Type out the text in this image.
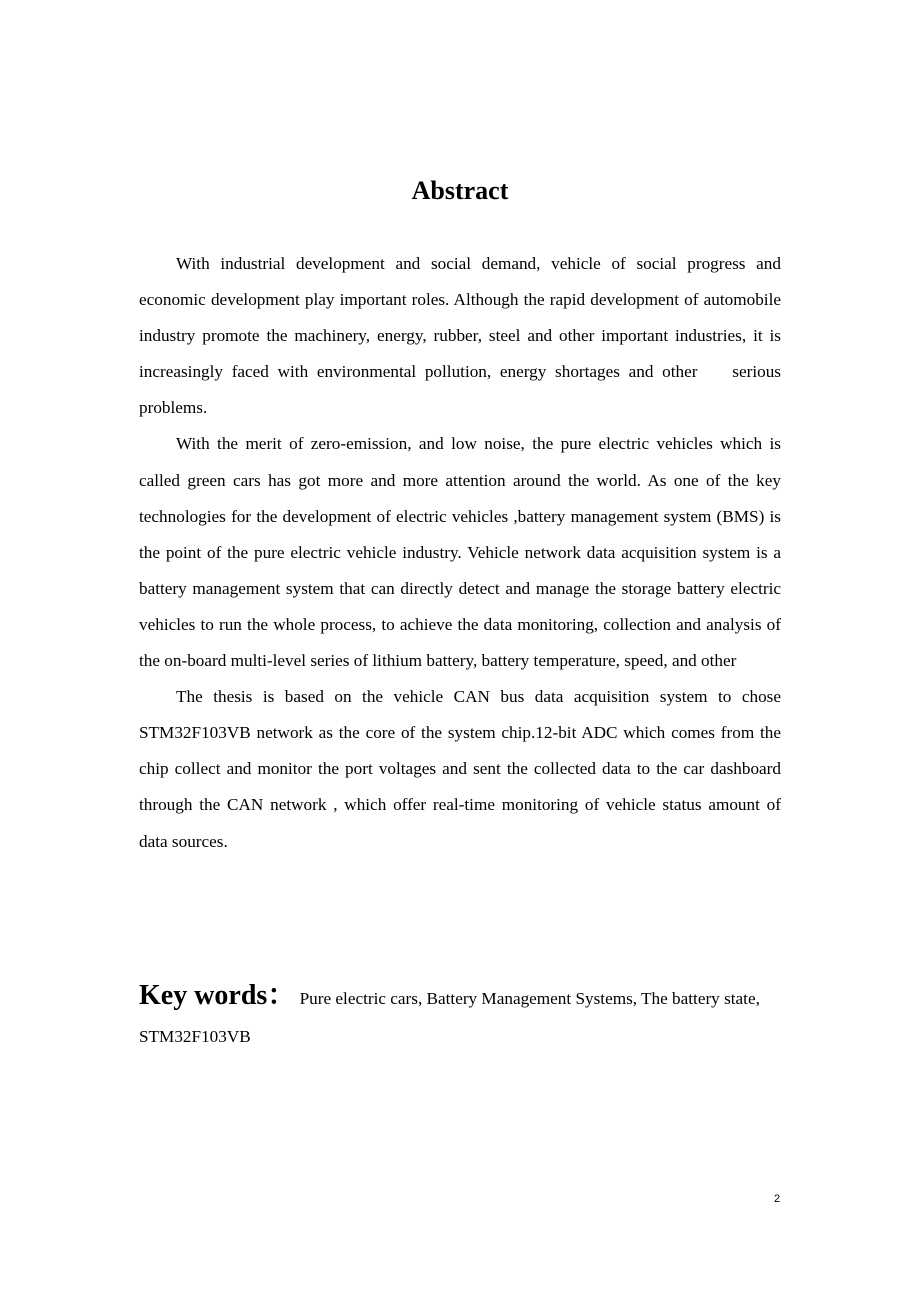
Abstract

With industrial development and social demand, vehicle of social progress and economic development play important roles. Although the rapid development of automobile industry promote the machinery, energy, rubber, steel and other important industries, it is increasingly faced with environmental pollution, energy shortages and other    serious problems.

With the merit of zero-emission, and low noise, the pure electric vehicles which is called green cars has got more and more attention around the world. As one of the key technologies for the development of electric vehicles ,battery management system (BMS) is the point of the pure electric vehicle industry. Vehicle network data acquisition system is a battery management system that can directly detect and manage the storage battery electric vehicles to run the whole process, to achieve the data monitoring, collection and analysis of the on-board multi-level series of lithium battery, battery temperature, speed, and other

The thesis is based on the vehicle CAN bus data acquisition system to chose STM32F103VB network as the core of the system chip.12-bit ADC which comes from the chip collect and monitor the port voltages and sent the collected data to the car dashboard through the CAN network , which offer real-time monitoring of vehicle status amount of data sources.

Key words： Pure electric cars, Battery Management Systems, The battery state,

STM32F103VB

2
